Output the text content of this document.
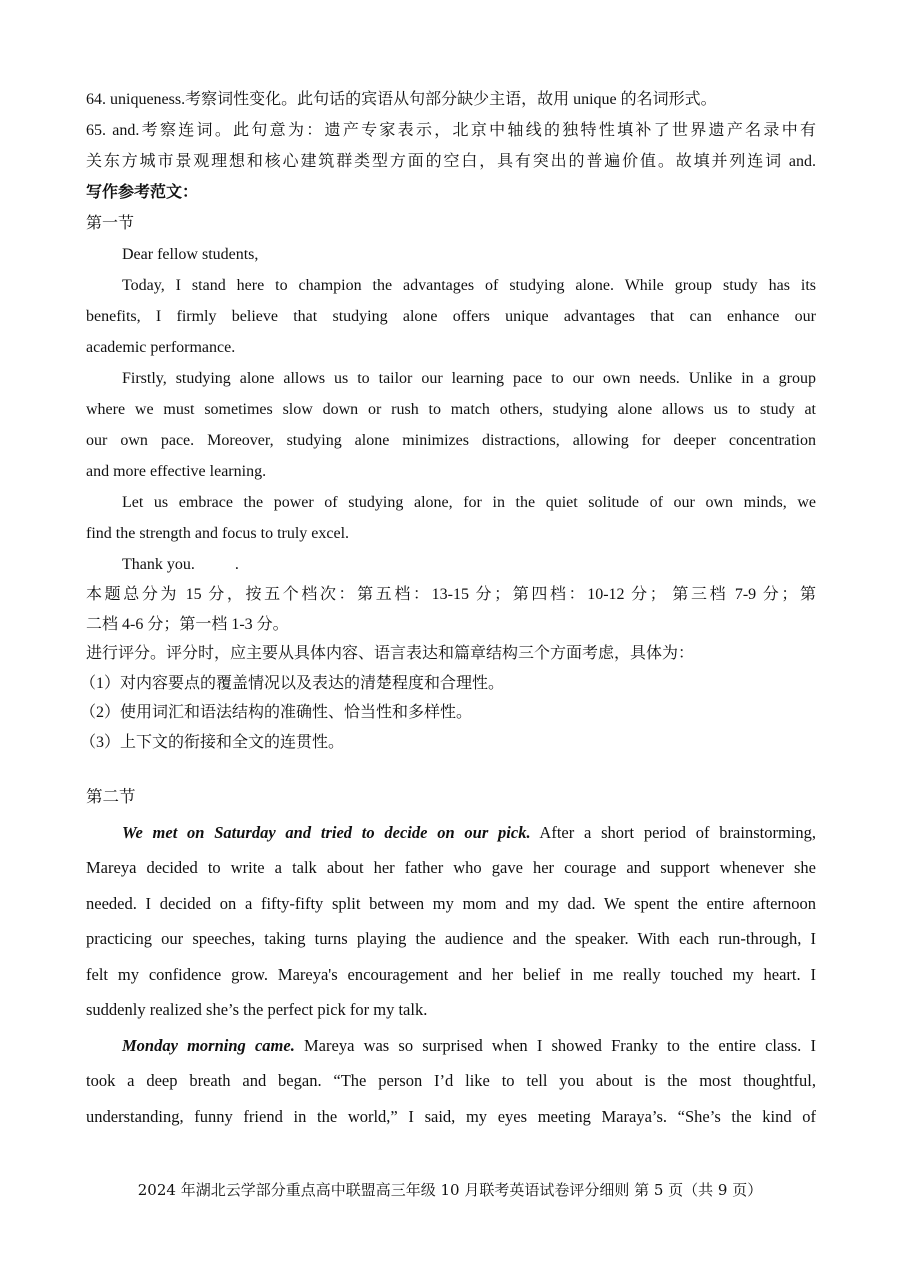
64. uniqueness.考察词性变化。此句话的宾语从句部分缺少主语，故用 unique 的名词形式。

65. and.考察连词。此句意为：遗产专家表示，北京中轴线的独特性填补了世界遗产名录中有

关东方城市景观理想和核心建筑群类型方面的空白，具有突出的普遍价值。故填并列连词 and.

写作参考范文：

第一节

Dear fellow students,

Today, I stand here to champion the advantages of studying alone. While group study has its

benefits, I firmly believe that studying alone offers unique advantages that can enhance our

academic performance.

Firstly, studying alone allows us to tailor our learning pace to our own needs. Unlike in a group

where we must sometimes slow down or rush to match others, studying alone allows us to study at

our own pace. Moreover, studying alone minimizes distractions, allowing for deeper concentration

and more effective learning.

Let us embrace the power of studying alone, for in the quiet solitude of our own minds, we

find the strength and focus to truly excel.

Thank you.          .

本题总分为 15 分，按五个档次：第五档：13-15 分；第四档：10-12 分； 第三档 7-9 分；第

二档 4-6 分；第一档 1-3 分。

进行评分。评分时，应主要从具体内容、语言表达和篇章结构三个方面考虑，具体为：

（1）对内容要点的覆盖情况以及表达的清楚程度和合理性。

（2）使用词汇和语法结构的准确性、恰当性和多样性。

（3）上下文的衔接和全文的连贯性。

第二节

We met on Saturday and tried to decide on our pick. After a short period of brainstorming,

Mareya decided to write a talk about her father who gave her courage and support whenever she

needed. I decided on a fifty-fifty split between my mom and my dad. We spent the entire afternoon

practicing our speeches, taking turns playing the audience and the speaker. With each run-through, I

felt my confidence grow. Mareya's encouragement and her belief in me really touched my heart. I

suddenly realized she’s the perfect pick for my talk.

Monday morning came. Mareya was so surprised when I showed Franky to the entire class. I

took a deep breath and began. “The person I’d like to tell you about is the most thoughtful,

understanding, funny friend in the world,” I said, my eyes meeting Maraya’s. “She’s the kind of

2024 年湖北云学部分重点高中联盟高三年级 10 月联考英语试卷评分细则 第 5 页（共 9 页）
